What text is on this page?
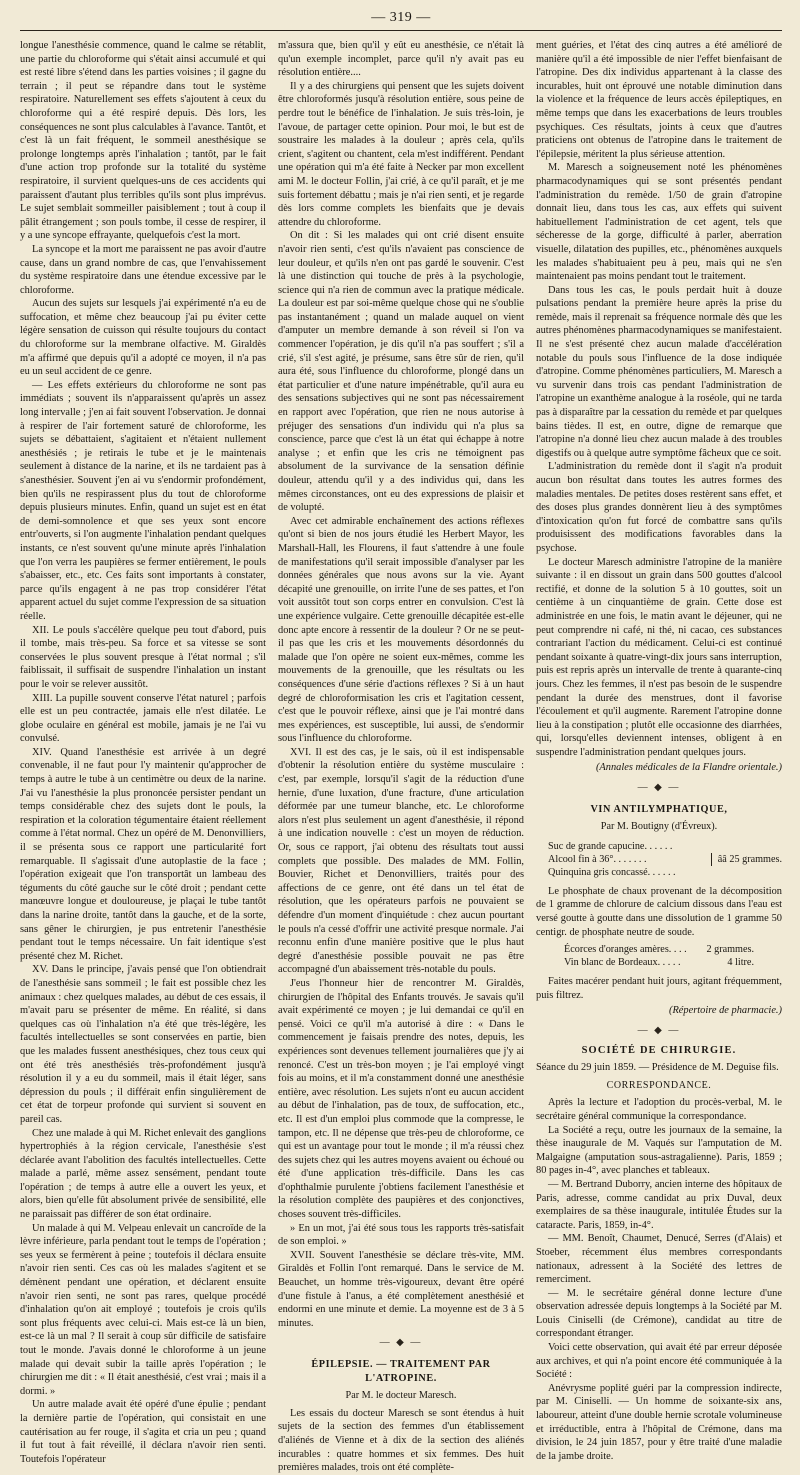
— 319 —

longue l'anesthésie commence, quand le calme se rétablit, une partie du chloroforme qui s'était ainsi accumulé et qui est resté libre s'étend dans les parties voisines ; il gagne du terrain ; il peut se répandre dans tout le système respiratoire. Naturellement ses effets s'ajoutent à ceux du chloroforme qui a été respiré depuis. Dès lors, les conséquences ne sont plus calculables à l'avance. Tantôt, et c'est là un fait fréquent, le sommeil anesthésique se prolonge longtemps après l'inhalation ; tantôt, par le fait d'une action trop profonde sur la totalité du système respiratoire, il survient quelques-uns de ces accidents qui paraissent d'autant plus terribles qu'ils sont plus imprévus. Le sujet semblait sommeiller paisiblement ; tout à coup il pâlit étrangement ; son pouls tombe, il cesse de respirer, il y a une syncope effrayante, quelquefois c'est la mort.

La syncope et la mort me paraissent ne pas avoir d'autre cause, dans un grand nombre de cas, que l'envahissement du système respiratoire dans une étendue excessive par le chloroforme.

Aucun des sujets sur lesquels j'ai expérimenté n'a eu de suffocation, et même chez beaucoup j'ai pu éviter cette légère sensation de cuisson qui résulte toujours du contact du chloroforme sur la membrane olfactive. M. Giraldès m'a affirmé que depuis qu'il a adopté ce moyen, il n'a pas eu un seul accident de ce genre.

— Les effets extérieurs du chloroforme ne sont pas immédiats ; souvent ils n'apparaissent qu'après un assez long intervalle ; j'en ai fait souvent l'observation. Je donnai à respirer de l'air fortement saturé de chloroforme, les sujets se débattaient, s'agitaient et n'étaient nullement anesthésiés ; je retirais le tube et je le maintenais seulement à distance de la narine, et ils ne tardaient pas à s'anesthésier. Souvent j'en ai vu s'endormir profondément, bien qu'ils ne respirassent plus du tout de chloroforme depuis plusieurs minutes. Enfin, quand un sujet est en état de demi-somnolence et que ses yeux sont encore entr'ouverts, si l'on augmente l'inhalation pendant quelques instants, ce n'est souvent qu'une minute après l'inhalation que l'on verra les paupières se fermer entièrement, le pouls s'abaisser, etc., etc. Ces faits sont importants à constater, parce qu'ils engagent à ne pas trop considérer l'état apparent actuel du sujet comme l'expression de sa situation réelle.

XII. Le pouls s'accélère quelque peu tout d'abord, puis il tombe, mais très-peu. Sa force et sa vitesse se sont conservées le plus souvent presque à l'état normal ; s'il faiblissait, il suffisait de suspendre l'inhalation un instant pour le voir se relever aussitôt.

XIII. La pupille souvent conserve l'état naturel ; parfois elle est un peu contractée, jamais elle n'est dilatée. Le globe oculaire en général est mobile, jamais je ne l'ai vu convulsé.

XIV. Quand l'anesthésie est arrivée à un degré convenable, il ne faut pour l'y maintenir qu'approcher de temps à autre le tube à un centimètre ou deux de la narine. J'ai vu l'anesthésie la plus prononcée persister pendant un temps considérable chez des sujets dont le pouls, la respiration et la coloration tégumentaire étaient réellement comme à l'état normal. Chez un opéré de M. Denonvilliers, il se présenta sous ce rapport une particularité fort remarquable. Il s'agissait d'une autoplastie de la face ; l'opération exigeait que l'on transportât un lambeau des téguments du côté gauche sur le côté droit ; pendant cette manœuvre longue et douloureuse, je plaçai le tube tantôt dans la narine droite, tantôt dans la gauche, et de la sorte, sans gêner le chirurgien, je pus entretenir l'anesthésie pendant tout le temps nécessaire. Un fait identique s'est présenté chez M. Richet.

XV. Dans le principe, j'avais pensé que l'on obtiendrait de l'anesthésie sans sommeil ; le fait est possible chez les animaux : chez quelques malades, au début de ces essais, il m'avait paru se présenter de même. En réalité, si dans quelques cas où l'inhalation n'a été que très-légère, les facultés intellectuelles se sont conservées en partie, bien que les malades fussent anesthésiques, chez tous ceux qui ont été très anesthésiés très-profondément jusqu'à résolution il y a eu du sommeil, mais il était léger, sans dépression du pouls ; il différait enfin singulièrement de cet état de torpeur profonde qui survient si souvent en pareil cas.

Chez une malade à qui M. Richet enlevait des ganglions hypertrophiés à la région cervicale, l'anesthésie s'est déclarée avant l'abolition des facultés intellectuelles. Cette malade a parlé, même assez sensément, pendant toute l'opération ; de temps à autre elle a ouvert les yeux, et alors, bien qu'elle fût absolument privée de sensibilité, elle ne paraissait pas différer de son état ordinaire.

Un malade à qui M. Velpeau enlevait un cancroïde de la lèvre inférieure, parla pendant tout le temps de l'opération ; ses yeux se fermèrent à peine ; toutefois il déclara ensuite n'avoir rien senti. Ces cas où les malades s'agitent et se démènent pendant une opération, et déclarent ensuite n'avoir rien senti, ne sont pas rares, quelque procédé d'inhalation qu'on ait employé ; toutefois je crois qu'ils sont plus fréquents avec celui-ci. Mais est-ce là un bien, est-ce là un mal ? Il serait à coup sûr difficile de satisfaire tout le monde. J'avais donné le chloroforme à un jeune malade qui devait subir la taille après l'opération ; le chirurgien me dit : « Il était anesthésié, c'est vrai ; mais il a dormi. »

Un autre malade avait été opéré d'une épulie ; pendant la dernière partie de l'opération, qui consistait en une cautérisation au fer rouge, il s'agita et cria un peu ; quand il fut tout à fait réveillé, il déclara n'avoir rien senti. Toutefois l'opérateur

m'assura que, bien qu'il y eût eu anesthésie, ce n'était là qu'un exemple incomplet, parce qu'il n'y avait pas eu résolution entière....

Il y a des chirurgiens qui pensent que les sujets doivent être chloroformés jusqu'à résolution entière, sous peine de perdre tout le bénéfice de l'inhalation. Je suis très-loin, je l'avoue, de partager cette opinion. Pour moi, le but est de soustraire les malades à la douleur ; après cela, qu'ils crient, s'agitent ou chantent, cela m'est indifférent. Pendant une opération qui m'a été faite à Necker par mon excellent ami M. le docteur Follin, j'ai crié, à ce qu'il paraît, et je me suis fortement débattu ; mais je n'ai rien senti, et je regarde dès lors comme complets les bienfaits que je devais attendre du chloroforme.

On dit : Si les malades qui ont crié disent ensuite n'avoir rien senti, c'est qu'ils n'avaient pas conscience de leur douleur, et qu'ils n'en ont pas gardé le souvenir. C'est là une distinction qui touche de près à la psychologie, science qui n'a rien de commun avec la pratique médicale. La douleur est par soi-même quelque chose qui ne s'oublie pas instantanément ; quand un malade auquel on vient d'amputer un membre demande à son réveil si l'on va commencer l'opération, je dis qu'il n'a pas souffert ; s'il a crié, s'il s'est agité, je présume, sans être sûr de rien, qu'il aura été, sous l'influence du chloroforme, plongé dans un état particulier et d'une nature impénétrable, qu'il aura eu des sensations subjectives qui ne sont pas nécessairement en rapport avec l'opération, que rien ne nous autorise à préjuger des sensations d'un individu qui n'a plus sa conscience, parce que c'est là un état qui échappe à notre analyse ; et enfin que les cris ne témoignent pas absolument de la survivance de la sensation définie douleur, attendu qu'il y a des individus qui, dans les mêmes circonstances, ont eu des expressions de plaisir et de volupté.

Avec cet admirable enchaînement des actions réflexes qu'ont si bien de nos jours étudié les Herbert Mayor, les Marshall-Hall, les Flourens, il faut s'attendre à une foule de manifestations qu'il serait impossible d'analyser par les données générales que nous avons sur la vie. Ayant décapité une grenouille, on irrite l'une de ses pattes, et l'on voit aussitôt tout son corps entrer en convulsion. C'est là une expérience vulgaire. Cette grenouille décapitée est-elle donc apte encore à ressentir de la douleur ? Or ne se peut-il pas que les cris et les mouvements désordonnés du malade que l'on opère ne soient eux-mêmes, comme les mouvements de la grenouille, que les résultats ou les conséquences d'une série d'actions réflexes ? Si à un haut degré de chloroformisation les cris et l'agitation cessent, c'est que le pouvoir réflexe, ainsi que je l'ai montré dans mes expériences, est susceptible, lui aussi, de s'endormir sous l'influence du chloroforme.

XVI. Il est des cas, je le sais, où il est indispensable d'obtenir la résolution entière du système musculaire : c'est, par exemple, lorsqu'il s'agit de la réduction d'une hernie, d'une luxation, d'une fracture, d'une articulation déformée par une tumeur blanche, etc. Le chloroforme alors n'est plus seulement un agent d'anesthésie, il répond à une indication nouvelle : c'est un moyen de réduction. Or, sous ce rapport, j'ai obtenu des résultats tout aussi complets que possible. Des malades de MM. Follin, Bouvier, Richet et Denonvilliers, traités pour des affections de ce genre, ont été dans un tel état de résolution, que les opérateurs parfois ne pouvaient se défendre d'un moment d'inquiétude : chez aucun pourtant le pouls n'a cessé d'offrir une activité presque normale. J'ai reconnu enfin d'une manière positive que le plus haut degré d'anesthésie possible pouvait ne pas être accompagné d'un abaissement très-notable du pouls.

J'eus l'honneur hier de rencontrer M. Giraldès, chirurgien de l'hôpital des Enfants trouvés. Je savais qu'il avait expérimenté ce moyen ; je lui demandai ce qu'il en pensé. Voici ce qu'il m'a autorisé à dire : « Dans le commencement je faisais prendre des notes, depuis, les expériences sont devenues tellement journalières que j'y ai renoncé. C'est un très-bon moyen ; je l'ai employé vingt fois au moins, et il m'a constamment donné une anesthésie entière, avec résolution. Les sujets n'ont eu aucun accident au début de l'inhalation, pas de toux, de suffocation, etc., etc. Il est d'un emploi plus commode que la compresse, le tampon, etc. Il ne dépense que très-peu de chloroforme, ce qui est un avantage pour tout le monde ; il m'a réussi chez des sujets chez qui les autres moyens avaient ou échoué ou été d'une application très-difficile. Dans les cas d'ophthalmie purulente j'obtiens facilement l'anesthésie et la résolution complète des paupières et des conjonctives, choses souvent très-difficiles.

» En un mot, j'ai été sous tous les rapports très-satisfait de son emploi. »

XVII. Souvent l'anesthésie se déclare très-vite, MM. Giraldès et Follin l'ont remarqué. Dans le service de M. Beauchet, un homme très-vigoureux, devant être opéré d'une fistule à l'anus, a été complètement anesthésié et endormi en une minute et demie. La moyenne est de 3 à 5 minutes.

— ◆ —
ÉPILEPSIE. — TRAITEMENT PAR L'ATROPINE.
Par M. le docteur Maresch.

Les essais du docteur Maresch se sont étendus à huit sujets de la section des femmes d'un établissement d'aliénés de Vienne et à dix de la section des aliénés incurables : quatre hommes et six femmes. Des huit premières malades, trois ont été complète-

ment guéries, et l'état des cinq autres a été amélioré de manière qu'il a été impossible de nier l'effet bienfaisant de l'atropine. Des dix individus appartenant à la classe des incurables, huit ont éprouvé une notable diminution dans la violence et la fréquence de leurs accès épileptiques, en même temps que dans les exacerbations de leurs troubles psychiques. Ces résultats, joints à ceux que d'autres praticiens ont obtenus de l'atropine dans le traitement de l'épilepsie, méritent la plus sérieuse attention.

M. Maresch a soigneusement noté les phénomènes pharmacodynamiques qui se sont présentés pendant l'administration du remède. 1/50 de grain d'atropine donnait lieu, dans tous les cas, aux effets qui suivent habituellement l'administration de cet agent, tels que sécheresse de la gorge, difficulté à parler, aberration visuelle, dilatation des pupilles, etc., phénomènes auxquels les malades s'habituaient peu à peu, mais qui ne s'en maintenaient pas moins pendant tout le traitement.

Dans tous les cas, le pouls perdait huit à douze pulsations pendant la première heure après la prise du remède, mais il reprenait sa fréquence normale dès que les autres phénomènes pharmacodynamiques se manifestaient. Il ne s'est présenté chez aucun malade d'accélération notable du pouls sous l'influence de la dose indiquée d'atropine. Comme phénomènes particuliers, M. Maresch a vu survenir dans trois cas pendant l'administration de l'atropine un exanthème analogue à la roséole, qui ne tarda pas à disparaître par la cessation du remède et par quelques bains tièdes. Il est, en outre, digne de remarque que l'atropine n'a donné lieu chez aucun malade à des troubles digestifs ou à quelque autre symptôme fâcheux que ce soit.

L'administration du remède dont il s'agit n'a produit aucun bon résultat dans toutes les autres formes des maladies mentales. De petites doses restèrent sans effet, et des doses plus grandes donnèrent lieu à des symptômes d'intoxication qu'on fut forcé de combattre sans qu'ils produisissent des modifications favorables dans la psychose.

Le docteur Maresch administre l'atropine de la manière suivante : il en dissout un grain dans 500 gouttes d'alcool rectifié, et donne de la solution 5 à 10 gouttes, soit un centième à un cinquantième de grain. Cette dose est administrée en une fois, le matin avant le déjeuner, qui ne peut comprendre ni café, ni thé, ni cacao, ces substances contrariant l'action du médicament. Celui-ci est continué pendant soixante à quatre-vingt-dix jours sans interruption, puis est repris après un intervalle de trente à quarante-cinq jours. Chez les femmes, il n'est pas besoin de le suspendre pendant la durée des menstrues, dont il favorise l'écoulement et qu'il augmente. Rarement l'atropine donne lieu à la constipation ; plutôt elle occasionne des diarrhées, qui, lorsqu'elles deviennent intenses, obligent à en suspendre l'administration pendant quelques jours.

(Annales médicales de la Flandre orientale.)
— ◆ —
VIN ANTILYMPHATIQUE,
Par M. Boutigny (d'Évreux).
Suc de grande capucine. . . . . .
Alcool fin à 36°. . . . . . .
Quinquina gris concassé. . . . . .
ââ 25 grammes.

Le phosphate de chaux provenant de la décomposition de 1 gramme de chlorure de calcium dissous dans l'eau est versé goutte à goutte dans une dissolution de 1 gramme 50 centigr. de phosphate neutre de soude.

Écorces d'oranges amères. . . . 2 grammes.
Vin blanc de Bordeaux. . . . .	4 litre.

Faites macérer pendant huit jours, agitant fréquemment, puis filtrez.

(Répertoire de pharmacie.)
— ◆ —
SOCIÉTÉ DE CHIRURGIE.

Séance du 29 juin 1859. — Présidence de M. Deguise fils.

CORRESPONDANCE.

Après la lecture et l'adoption du procès-verbal, M. le secrétaire général communique la correspondance.

La Société a reçu, outre les journaux de la semaine, la thèse inaugurale de M. Vaqués sur l'amputation de M. Malgaigne (amputation sous-astragalienne). Paris, 1859 ; 80 pages in-4°, avec planches et tableaux.

— M. Bertrand Duborry, ancien interne des hôpitaux de Paris, adresse, comme candidat au prix Duval, deux exemplaires de sa thèse inaugurale, intitulée Études sur la cataracte. Paris, 1859, in-4°.

— MM. Benoît, Chaumet, Denucé, Serres (d'Alais) et Stoeber, récemment élus membres correspondants nationaux, adressent à la Société des lettres de remerciment.

— M. le secrétaire général donne lecture d'une observation adressée depuis longtemps à la Société par M. Louis Ciniselli (de Crémone), candidat au titre de correspondant étranger.

Voici cette observation, qui avait été par erreur déposée aux archives, et qui n'a point encore été communiquée à la Société :

Anévrysme poplité guéri par la compression indirecte, par M. Ciniselli. — Un homme de soixante-six ans, laboureur, atteint d'une double hernie scrotale volumineuse et irréductible, entra à l'hôpital de Crémone, dans ma division, le 24 juin 1857, pour y être traité d'une maladie de la jambe droite.
